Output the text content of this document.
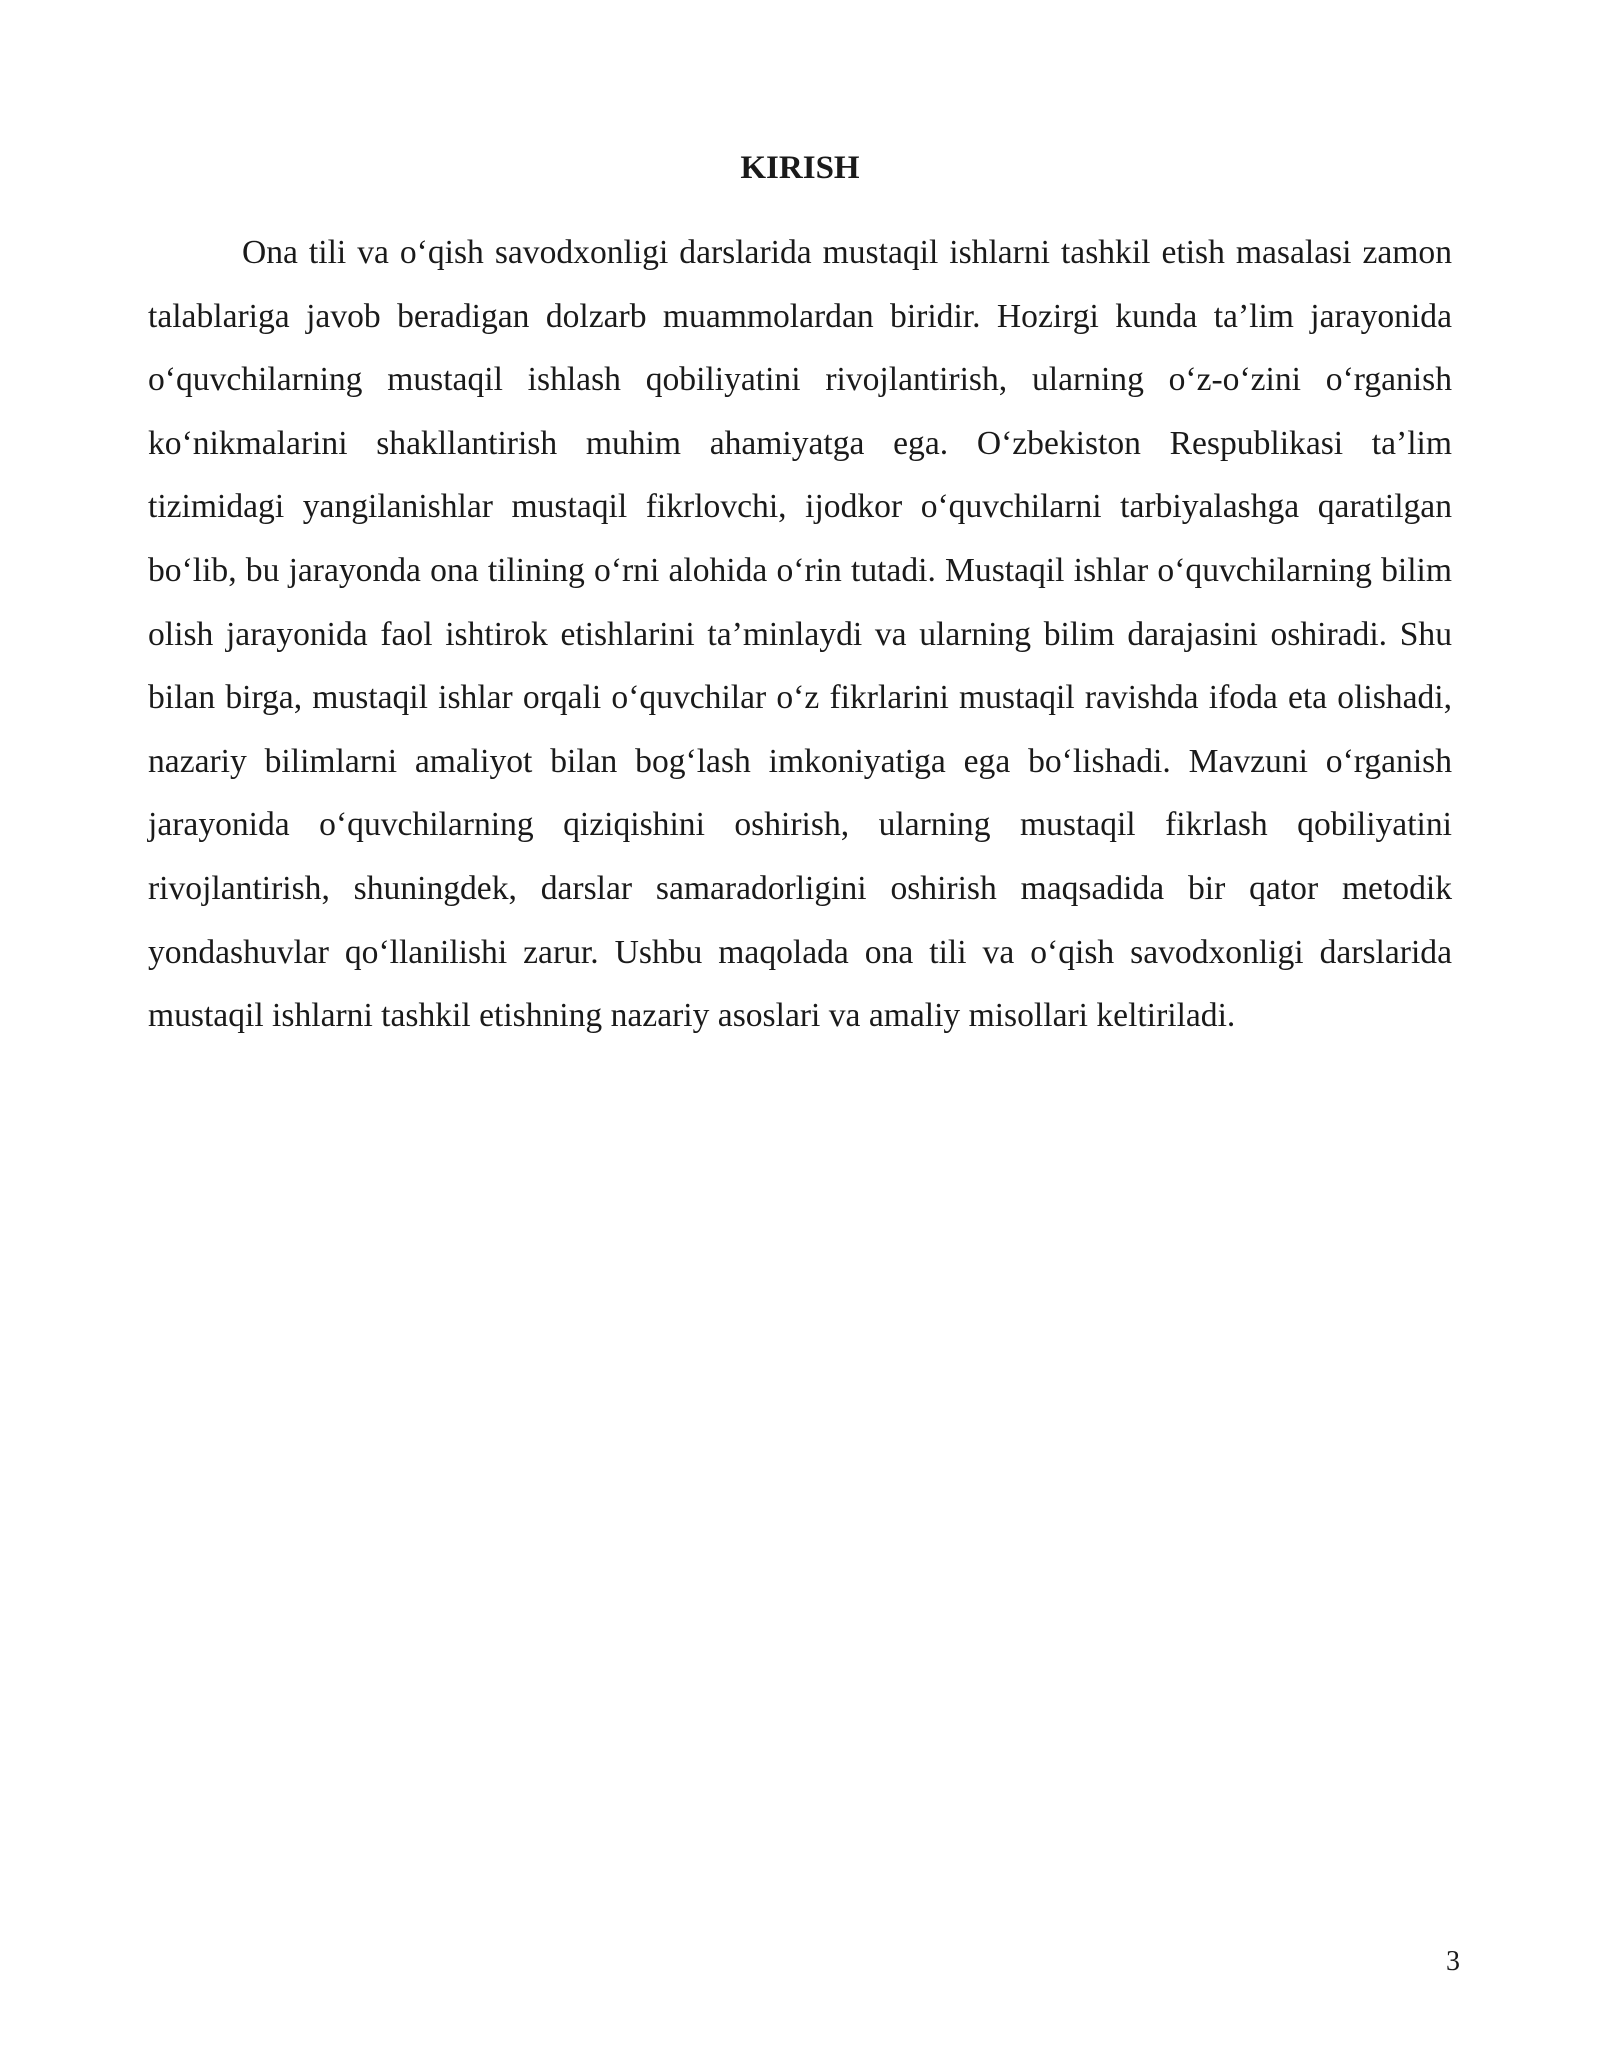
KIRISH

Ona tili va o‘qish savodxonligi darslarida mustaqil ishlarni tashkil etish masalasi zamon talablariga javob beradigan dolzarb muammolardan biridir. Hozirgi kunda ta’lim jarayonida o‘quvchilarning mustaqil ishlash qobiliyatini rivojlantirish, ularning o‘z-o‘zini o‘rganish ko‘nikmalarini shakllantirish muhim ahamiyatga ega. O‘zbekiston Respublikasi ta’lim tizimidagi yangilanishlar mustaqil fikrlovchi, ijodkor o‘quvchilarni tarbiyalashga qaratilgan bo‘lib, bu jarayonda ona tilining o‘rni alohida o‘rin tutadi. Mustaqil ishlar o‘quvchilarning bilim olish jarayonida faol ishtirok etishlarini ta’minlaydi va ularning bilim darajasini oshiradi. Shu bilan birga, mustaqil ishlar orqali o‘quvchilar o‘z fikrlarini mustaqil ravishda ifoda eta olishadi, nazariy bilimlarni amaliyot bilan bog‘lash imkoniyatiga ega bo‘lishadi. Mavzuni o‘rganish jarayonida o‘quvchilarning qiziqishini oshirish, ularning mustaqil fikrlash qobiliyatini rivojlantirish, shuningdek, darslar samaradorligini oshirish maqsadida bir qator metodik yondashuvlar qo‘llanilishi zarur. Ushbu maqolada ona tili va o‘qish savodxonligi darslarida mustaqil ishlarni tashkil etishning nazariy asoslari va amaliy misollari keltiriladi.

3
